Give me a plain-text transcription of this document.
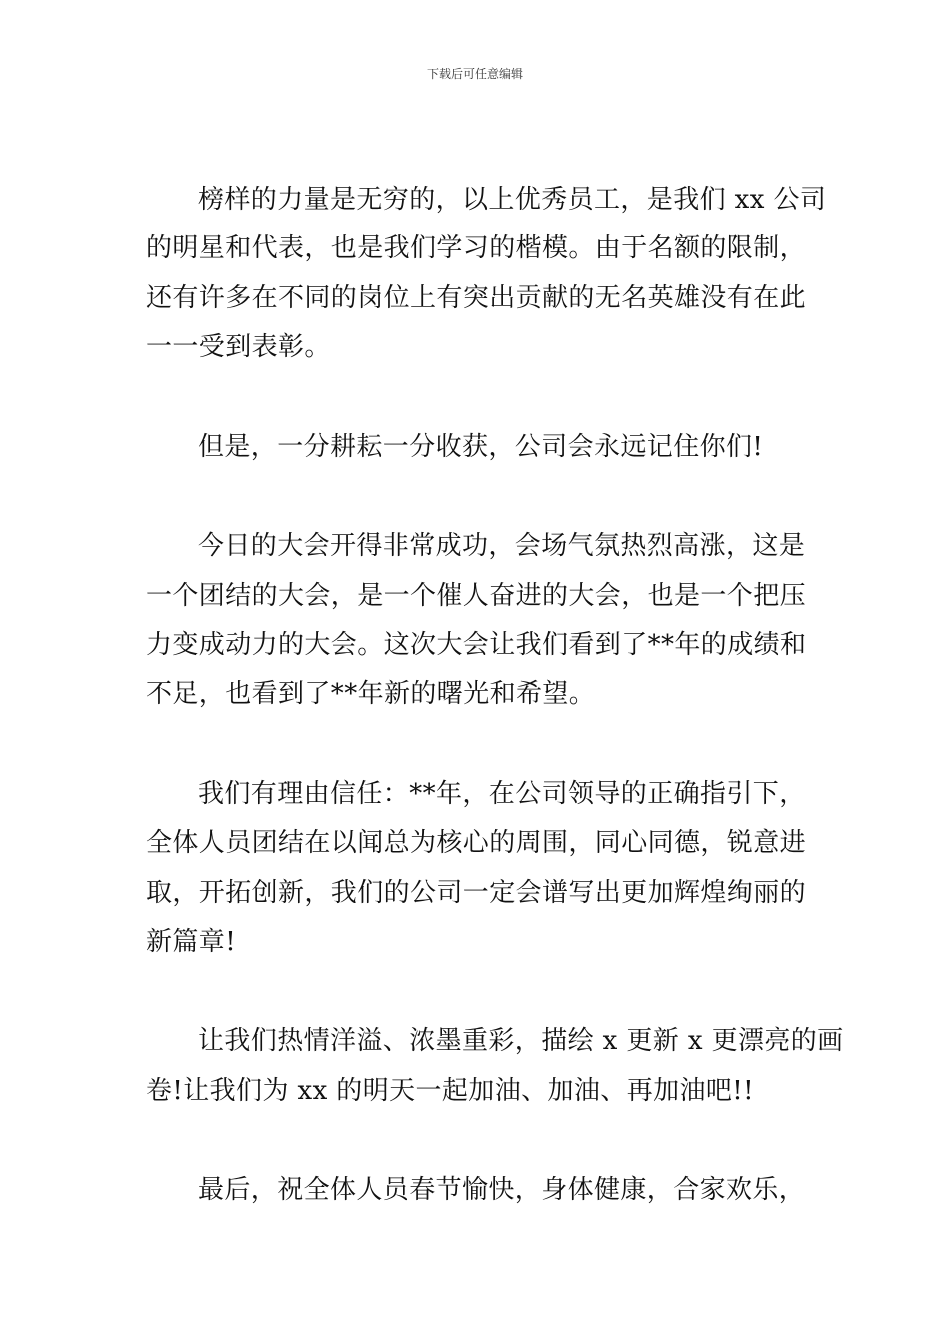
下载后可任意编辑
榜样的力量是无穷的，以上优秀员工，是我们 xx 公司
的明星和代表，也是我们学习的楷模。由于名额的限制，
还有许多在不同的岗位上有突出贡献的无名英雄没有在此
一一受到表彰。
但是，一分耕耘一分收获，公司会永远记住你们!
今日的大会开得非常成功，会场气氛热烈高涨，这是
一个团结的大会，是一个催人奋进的大会，也是一个把压
力变成动力的大会。这次大会让我们看到了**年的成绩和
不足，也看到了**年新的曙光和希望。
我们有理由信任：**年，在公司领导的正确指引下，
全体人员团结在以闻总为核心的周围，同心同德，锐意进
取，开拓创新，我们的公司一定会谱写出更加辉煌绚丽的
新篇章!
让我们热情洋溢、浓墨重彩，描绘 x 更新 x 更漂亮的画
卷!让我们为 xx 的明天一起加油、加油、再加油吧!!
最后，祝全体人员春节愉快，身体健康，合家欢乐，
